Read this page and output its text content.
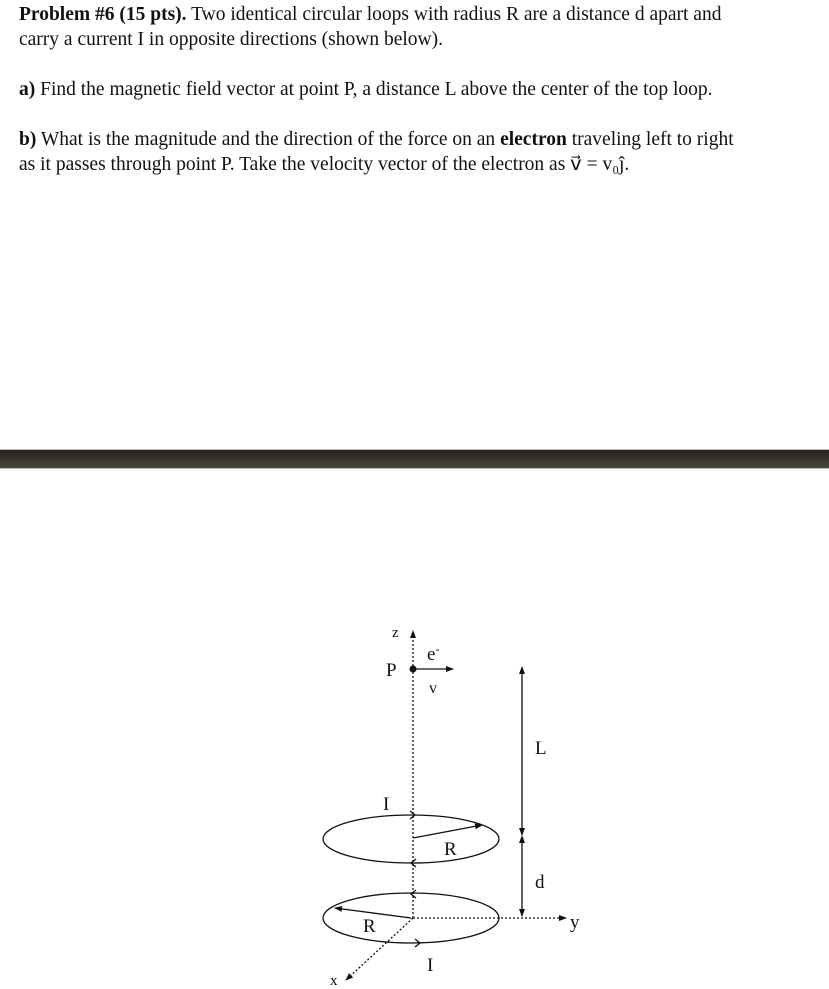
Problem #6 (15 pts). Two identical circular loops with radius R are a distance d apart and
carry a current I in opposite directions (shown below).
a) Find the magnetic field vector at point P, a distance L above the center of the top loop.
b) What is the magnitude and the direction of the force on an electron traveling left to right
as it passes through point P. Take the velocity vector of the electron as v⃗ = v₀ĵ.
z
P
e-
v
L
I
R
d
R	y
I
x
